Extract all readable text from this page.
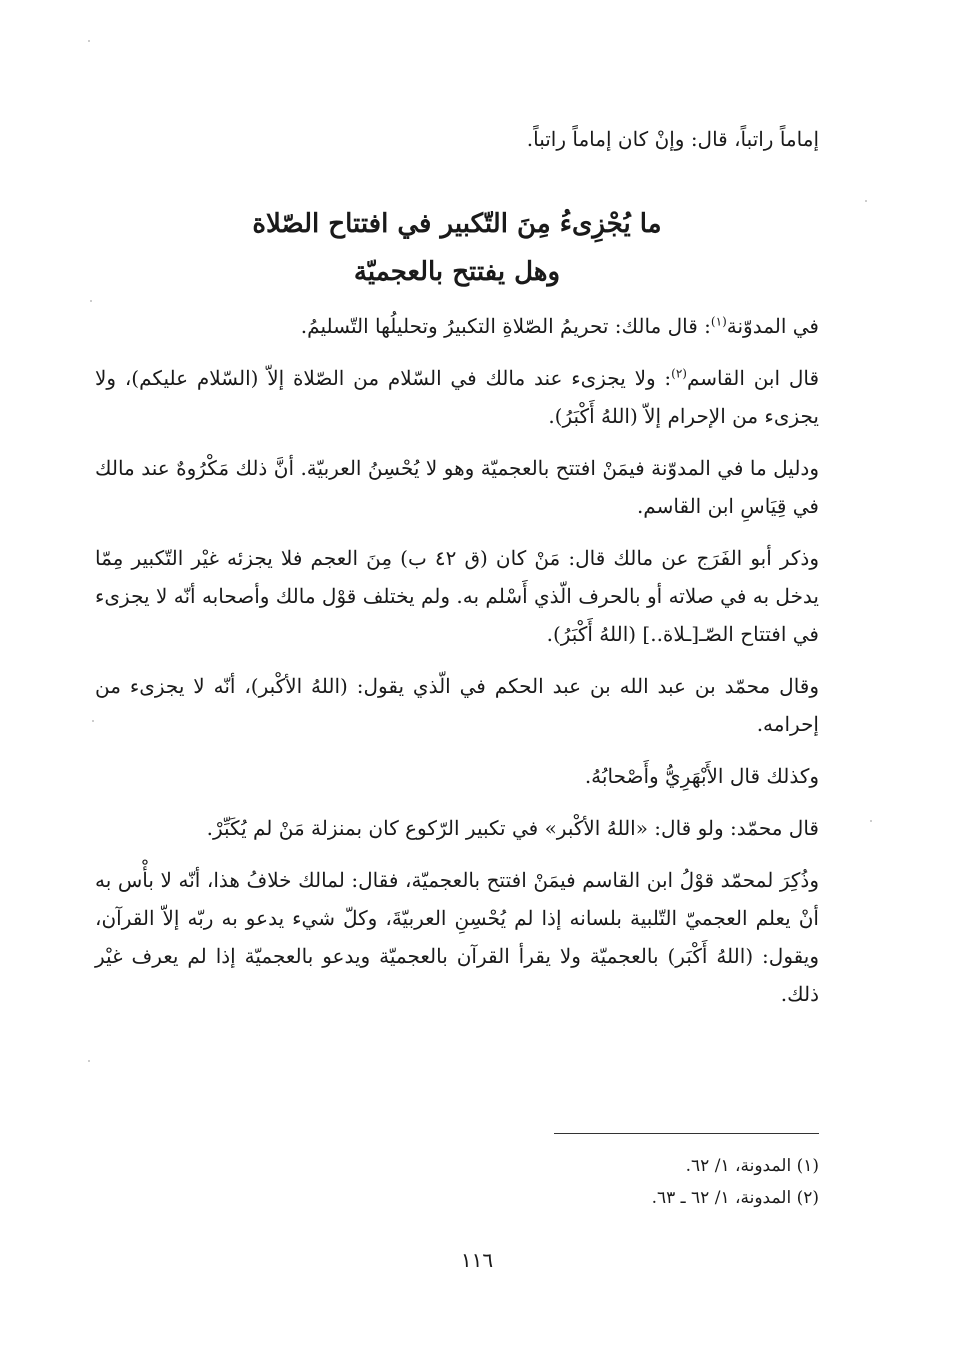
إماماً راتباً، قال: وإنْ كان إماماً راتباً.
ما يُجْزِىءُ مِنَ التّكبير في افتتاح الصّلاة
وهل يفتتح بالعجميّة

في المدوّنة$^{(١)}$: قال مالك: تحريمُ الصّلاةِ التكبيرُ وتحليلُها التّسليمُ.

قال ابن القاسم$^{(٢)}$: ولا يجزىء عند مالك في السّلام من الصّلاة إلاّ (السّلام عليكم)، ولا يجزىء من الإحرام إلاّ (اللهُ أَكْبَرُ).

ودليل ما في المدوّنة فيمَنْ افتتح بالعجميّة وهو لا يُحْسِنُ العربيّة. أنَّ ذلك مَكْرُوهٌ عند مالك في قِيَاسِ ابن القاسم.

وذكر أبو الفَرَج عن مالك قال: مَنْ كان (ق ٤٢ ب) مِنَ العجم فلا يجزئه غيْر التّكبير مِمّا يدخل به في صلاته أو بالحرف الّذي أَسْلم به. ولم يختلف قوْل مالك وأصحابه أنّه لا يجزىء في افتتاح الصّـ[ـلاة..] (اللهُ أَكْبَرُ).

وقال محمّد بن عبد الله بن عبد الحكم في الّذي يقول: (اللهُ الأكْبر)، أنّه لا يجزىء من إحرامه.

وكذلك قال الأَبْهَرِيُّ وأَصْحابُهُ.

قال محمّد: ولو قال: «اللهُ الأكْبر» في تكبير الرّكوع كان بمنزلة مَنْ لم يُكَبِّرْ.

وذُكِرَ لمحمّد قوْلُ ابن القاسم فيمَنْ افتتح بالعجميّة، فقال: لمالك خلافُ هذا، أنّه لا بأْس به أنْ يعلم العجميّ التّلبية بلسانه إذا لم يُحْسِنِ العربيّةَ، وكلّ شيء يدعو به ربّه إلاّ القرآن، ويقول: (اللهُ أَكْبَر) بالعجميّة ولا يقرأ القرآن بالعجميّة ويدعو بالعجميّة إذا لم يعرف غيْر ذلك.

(١) المدونة، ١/ ٦٢.
(٢) المدونة، ١/ ٦٢ ـ ٦٣.
١١٦
